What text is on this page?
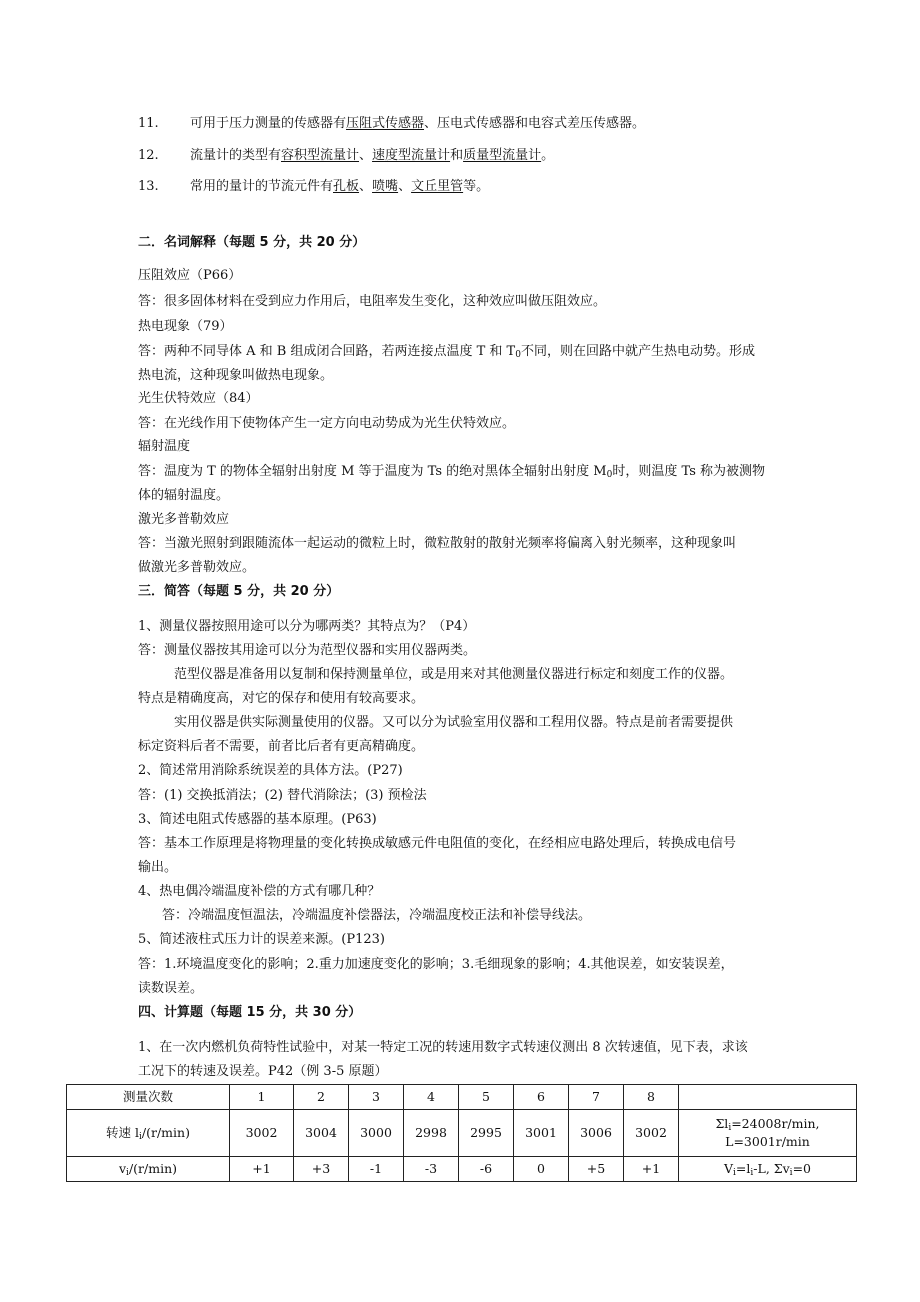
11. 可用于压力测量的传感器有压阻式传感器、压电式传感器和电容式差压传感器。
12. 流量计的类型有容积型流量计、速度型流量计和质量型流量计。
13. 常用的量计的节流元件有孔板、喷嘴、文丘里管等。
二．名词解释（每题 5 分，共 20 分）
压阻效应（P66）
答：很多固体材料在受到应力作用后，电阻率发生变化，这种效应叫做压阻效应。
热电现象（79）
答：两种不同导体 A 和 B 组成闭合回路，若两连接点温度 T 和 $T_0$不同，则在回路中就产生热电动势。形成
热电流，这种现象叫做热电现象。
光生伏特效应（84）
答：在光线作用下使物体产生一定方向电动势成为光生伏特效应。
辐射温度
答：温度为 T 的物体全辐射出射度 M 等于温度为 Ts 的绝对黑体全辐射出射度 $M_0$时，则温度 Ts 称为被测物
体的辐射温度。
激光多普勒效应
答：当激光照射到跟随流体一起运动的微粒上时，微粒散射的散射光频率将偏离入射光频率，这种现象叫
做激光多普勒效应。
三．简答（每题 5 分，共 20 分）
1、测量仪器按照用途可以分为哪两类？其特点为？（P4）
答：测量仪器按其用途可以分为范型仪器和实用仪器两类。
范型仪器是准备用以复制和保持测量单位，或是用来对其他测量仪器进行标定和刻度工作的仪器。
特点是精确度高，对它的保存和使用有较高要求。
实用仪器是供实际测量使用的仪器。又可以分为试验室用仪器和工程用仪器。特点是前者需要提供
标定资料后者不需要，前者比后者有更高精确度。
2、简述常用消除系统误差的具体方法。(P27)
答：(1) 交换抵消法；(2) 替代消除法；(3) 预检法
3、简述电阻式传感器的基本原理。(P63)
答：基本工作原理是将物理量的变化转换成敏感元件电阻值的变化，在经相应电路处理后，转换成电信号
输出。
4、热电偶冷端温度补偿的方式有哪几种？
答：冷端温度恒温法，冷端温度补偿器法，冷端温度校正法和补偿导线法。
5、简述液柱式压力计的误差来源。(P123)
答：1.环境温度变化的影响；2.重力加速度变化的影响；3.毛细现象的影响；4.其他误差，如安装误差，
读数误差。
四、计算题（每题 15 分，共 30 分）
1、在一次内燃机负荷特性试验中，对某一特定工况的转速用数字式转速仪测出 8 次转速值，见下表，求该
工况下的转速及误差。P42（例 3-5 原题）
测量次数	1	2	3	4	5	6	7	8	
转速 $l_i/(r/\min)$	3002	3004	3000	2998	2995	3001	3006	3002	$\Sigma l_i=24008r/\min$,
L=3001r/min
$v_i/(r/\min)$	+1	+3	-1	-3	-6	0	+5	+1	$V_i=l_i-L$, $\Sigma v_i=0$
